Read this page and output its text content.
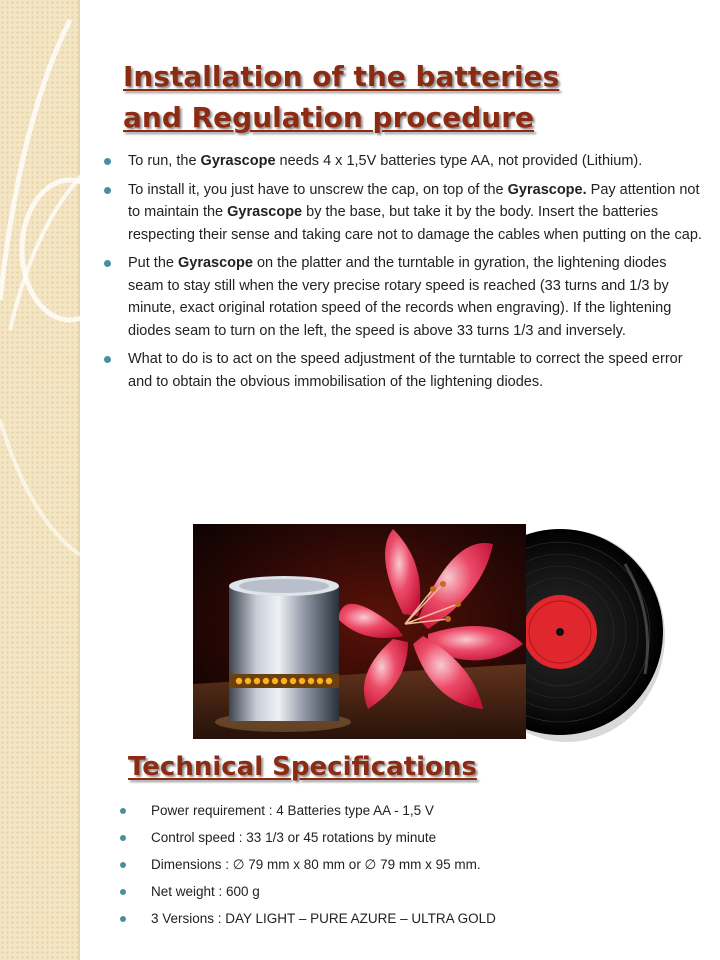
Installation of the batteries
and Regulation procedure
To run, the Gyrascope needs 4 x 1,5V batteries type AA, not provided (Lithium).
To install it, you just have to unscrew the cap, on top of the Gyrascope. Pay attention not to maintain the Gyrascope by the base, but take it by the body. Insert the batteries respecting their sense and taking care not to damage the cables when putting on the cap.
Put the Gyrascope on the platter and the turntable in gyration, the lightening diodes seam to stay still when the very precise rotary speed is reached (33 turns and 1/3 by minute, exact original rotation speed of the records when engraving). If the lightening diodes seam to turn on the left, the speed is above 33 turns 1/3 and inversely.
What to do is to act on the speed adjustment of the turntable to correct the speed error and to obtain the obvious immobilisation of the lightening diodes.
Technical Specifications
Power requirement : 4 Batteries type AA - 1,5 V
Control speed : 33 1/3 or 45 rotations by minute
Dimensions : ∅ 79 mm x 80 mm or ∅ 79 mm x 95 mm.
Net weight : 600 g
3 Versions : DAY LIGHT – PURE AZURE – ULTRA GOLD
